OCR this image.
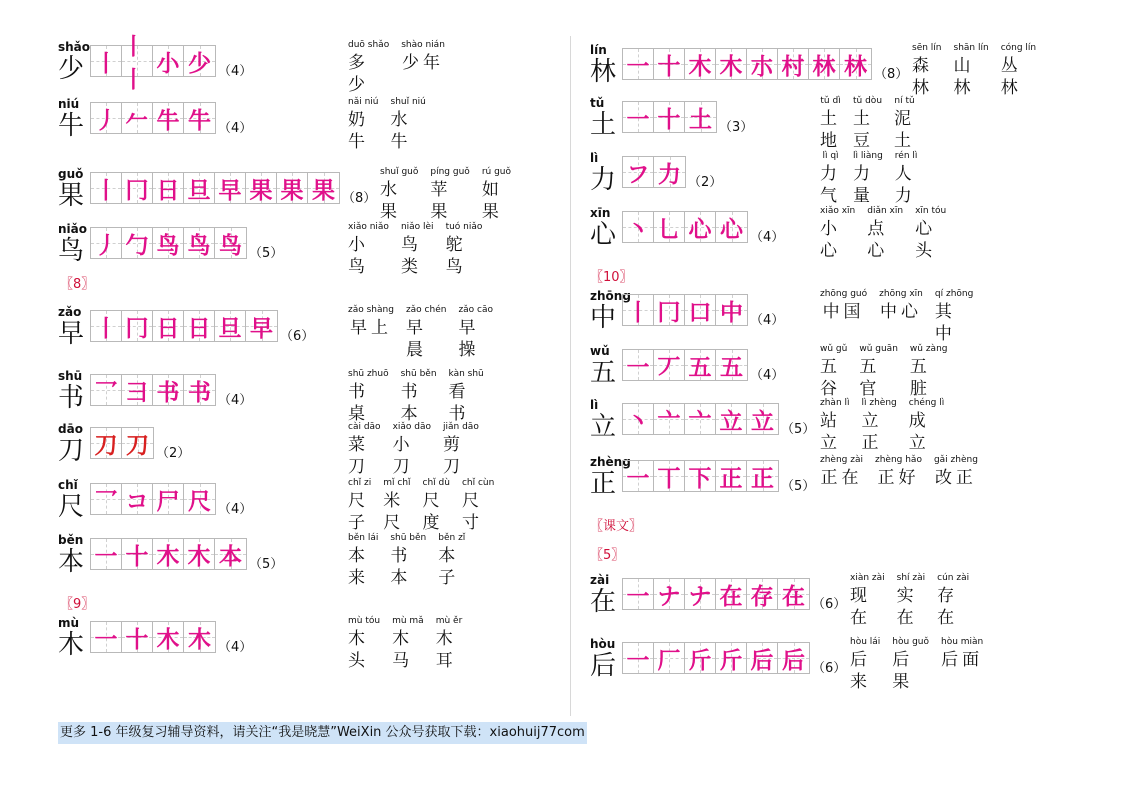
〖8〗
〖9〗
〖10〗
〖课文〗
〖5〗
shǎo
少 丨
丨丨
小 少 （4）
duō shǎo
多少
shào nián
少年
niú
牛 丿 𠂉 牛 牛 （4）
nǎi niú
奶牛
shuǐ niú
水牛
guǒ
果 丨 冂 日 旦 早 果 果 果 （8）
shuǐ guǒ
水果
píng guǒ
苹果
rú guǒ
如果
niǎo
鸟 丿 勹 鸟 鸟 鸟 （5）
xiǎo niǎo
小鸟
niǎo lèi
鸟类
tuó niǎo
鸵鸟
zǎo
早 丨 冂 日 日 旦 早 （6）
zǎo shàng
早上
zǎo chén
早晨
zǎo cāo
早操
shū
书 乛 ⺕ 书 书 （4）
shū zhuō
书桌
shū běn
书本
kàn shū
看书
dāo
刀 刀 刀 （2）
cài dāo
菜刀
xiǎo dāo
小刀
jiǎn dāo
剪刀
chǐ
尺 乛 コ 尸 尺 （4）
chǐ zi
尺子
mǐ chǐ
米尺
chǐ dù
尺度
chǐ cùn
尺寸
běn
本 一 十 木 木 本 （5）
běn lái
本来
shū běn
书本
běn zǐ
本子
mù
木 一 十 木 木 （4）
mù tóu
木头
mù mǎ
木马
mù ěr
木耳
lín
林 一 十 木 木 朩 村 林 林 （8）
sēn lín
森林
shān lín
山林
cóng lín
丛林
tǔ
土 一 十 土 （3）
tǔ dì
土地
tǔ dòu
土豆
ní tǔ
泥土
lì
力 フ 力 （2）
lì qì
力气
lì liàng
力量
rén lì
人力
xīn
心 丶 乚 心 心 （4）
xiǎo xīn
小心
diǎn xīn
点心
xīn tóu
心头
zhōng
中 丨 冂 口 中 （4）
zhōng guó
中国
zhōng xīn
中心
qí zhōng
其中
wǔ
五 一 丆 五 五 （4）
wǔ gǔ
五谷
wǔ guān
五官
wǔ zàng
五脏
lì
立 丶 亠 亠 立 立 （5）
zhàn lì
站立
lì zhèng
立正
chéng lì
成立
zhèng
正 一 丅 下 正 正 （5）
zhèng zài
正在
zhèng hǎo
正好
gǎi zhèng
改正
zài
在 一 ナ ナ 在 存 在 （6）
xiàn zài
现在
shí zài
实在
cún zài
存在
hòu
后 一 厂 斤 斤 后 后 （6）
hòu lái
后来
hòu guǒ
后果
hòu miàn
后面
更多 1-6 年级复习辅导资料，请关注“我是晓慧”WeiXin 公众号获取下载：xiaohuij77com
